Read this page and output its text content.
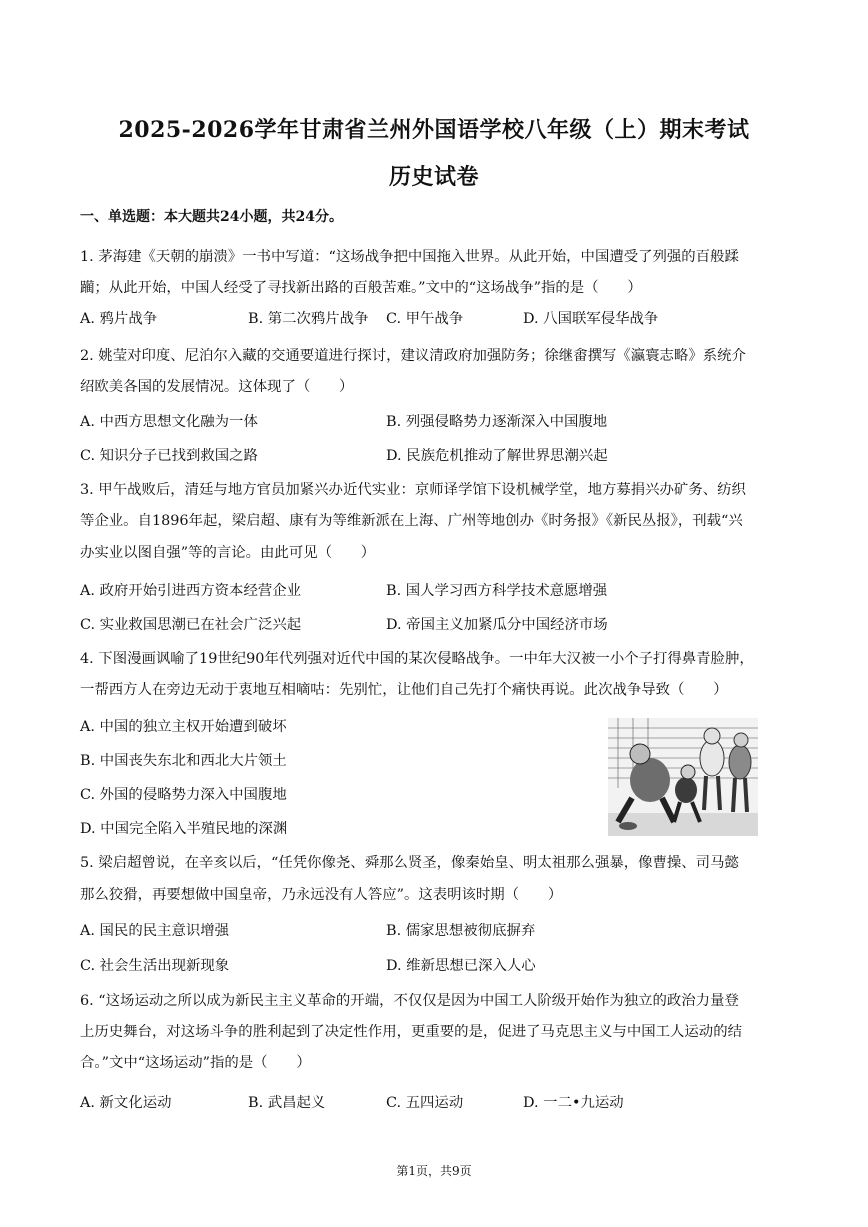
2025-2026学年甘肃省兰州外国语学校八年级（上）期末考试
历史试卷
一、单选题：本大题共24小题，共24分。
1. 茅海建《天朝的崩溃》一书中写道：“这场战争把中国拖入世界。从此开始，中国遭受了列强的百般蹂
躏；从此开始，中国人经受了寻找新出路的百般苦难。”文中的“这场战争”指的是（　　）
A. 鸦片战争	B. 第二次鸦片战争 C. 甲午战争	D. 八国联军侵华战争
2. 姚莹对印度、尼泊尔入藏的交通要道进行探讨，建议清政府加强防务；徐继畬撰写《瀛寰志略》系统介
绍欧美各国的发展情况。这体现了（　　）
A. 中西方思想文化融为一体	B. 列强侵略势力逐渐深入中国腹地
C. 知识分子已找到救国之路	D. 民族危机推动了解世界思潮兴起
3. 甲午战败后，清廷与地方官员加紧兴办近代实业：京师译学馆下设机械学堂，地方募捐兴办矿务、纺织
等企业。自1896年起，梁启超、康有为等维新派在上海、广州等地创办《时务报》《新民丛报》，刊载“兴
办实业以图自强”等的言论。由此可见（　　）
A. 政府开始引进西方资本经营企业	B. 国人学习西方科学技术意愿增强
C. 实业救国思潮已在社会广泛兴起	D. 帝国主义加紧瓜分中国经济市场
4. 下图漫画讽喻了19世纪90年代列强对近代中国的某次侵略战争。一中年大汉被一小个子打得鼻青脸肿，
一帮西方人在旁边无动于衷地互相嘀咕：先别忙，让他们自己先打个痛快再说。此次战争导致（　　）
A. 中国的独立主权开始遭到破坏
B. 中国丧失东北和西北大片领土
C. 外国的侵略势力深入中国腹地
D. 中国完全陷入半殖民地的深渊
5. 梁启超曾说，在辛亥以后，“任凭你像尧、舜那么贤圣，像秦始皇、明太祖那么强暴，像曹操、司马懿
那么狡猾，再要想做中国皇帝，乃永远没有人答应”。这表明该时期（　　）
A. 国民的民主意识增强	B. 儒家思想被彻底摒弃
C. 社会生活出现新现象	D. 维新思想已深入人心
6. “这场运动之所以成为新民主主义革命的开端，不仅仅是因为中国工人阶级开始作为独立的政治力量登
上历史舞台，对这场斗争的胜利起到了决定性作用，更重要的是，促进了马克思主义与中国工人运动的结
合。”文中“这场运动”指的是（　　）
A. 新文化运动	B. 武昌起义	C. 五四运动	D. 一二•九运动
第1页，共9页
